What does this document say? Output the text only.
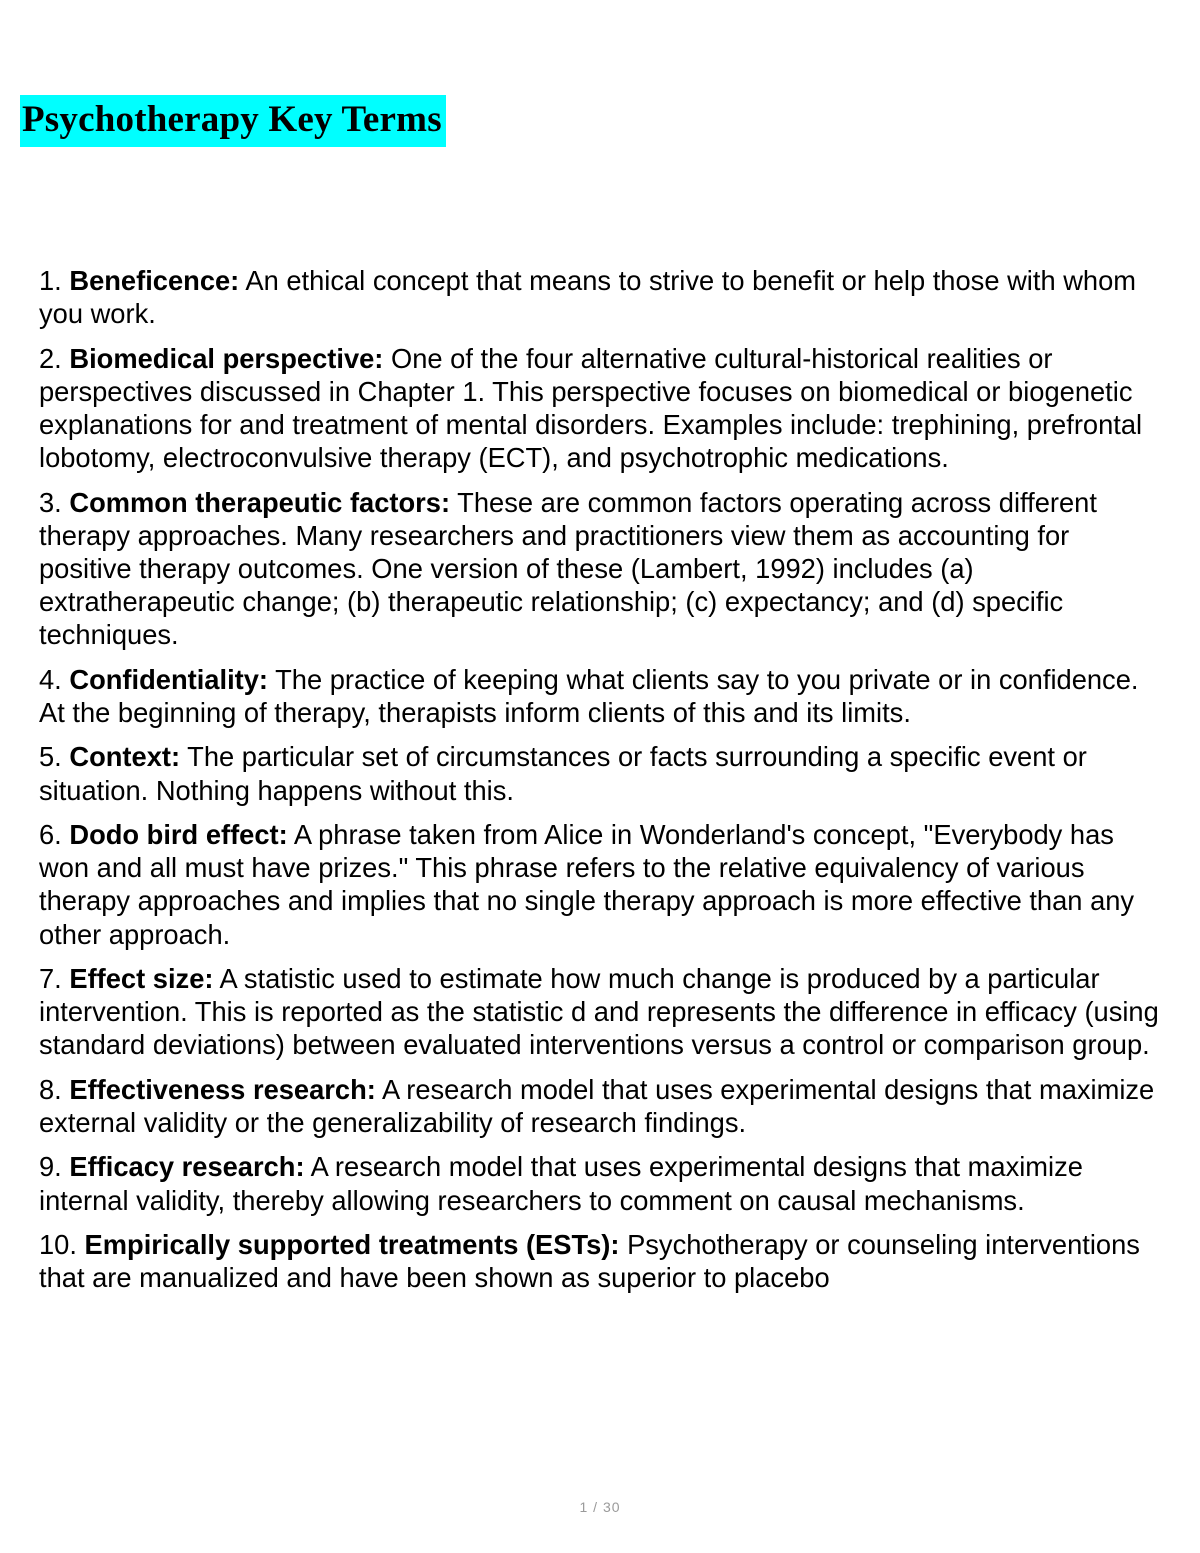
Psychotherapy Key Terms
1. Beneficence: An ethical concept that means to strive to benefit or help those with whom you work.
2. Biomedical perspective: One of the four alternative cultural-historical realities or perspectives discussed in Chapter 1. This perspective focuses on biomedical or biogenetic explanations for and treatment of mental disorders. Examples include: trephining, prefrontal lobotomy, electroconvulsive therapy (ECT), and psychotrophic medications.
3. Common therapeutic factors: These are common factors operating across different therapy approaches. Many researchers and practitioners view them as accounting for positive therapy outcomes. One version of these (Lambert, 1992) includes (a) extratherapeutic change; (b) therapeutic relationship; (c) expectancy; and (d) specific techniques.
4. Confidentiality: The practice of keeping what clients say to you private or in confidence. At the beginning of therapy, therapists inform clients of this and its limits.
5. Context: The particular set of circumstances or facts surrounding a specific event or situation. Nothing happens without this.
6. Dodo bird effect: A phrase taken from Alice in Wonderland's concept, "Everybody has won and all must have prizes." This phrase refers to the relative equivalency of various therapy approaches and implies that no single therapy approach is more effective than any other approach.
7. Effect size: A statistic used to estimate how much change is produced by a particular intervention. This is reported as the statistic d and represents the difference in efficacy (using standard deviations) between evaluated interventions versus a control or comparison group.
8. Effectiveness research: A research model that uses experimental designs that maximize external validity or the generalizability of research findings.
9. Efficacy research: A research model that uses experimental designs that maximize internal validity, thereby allowing researchers to comment on causal mechanisms.
10. Empirically supported treatments (ESTs): Psychotherapy or counseling interventions that are manualized and have been shown as superior to placebo
1 / 30
